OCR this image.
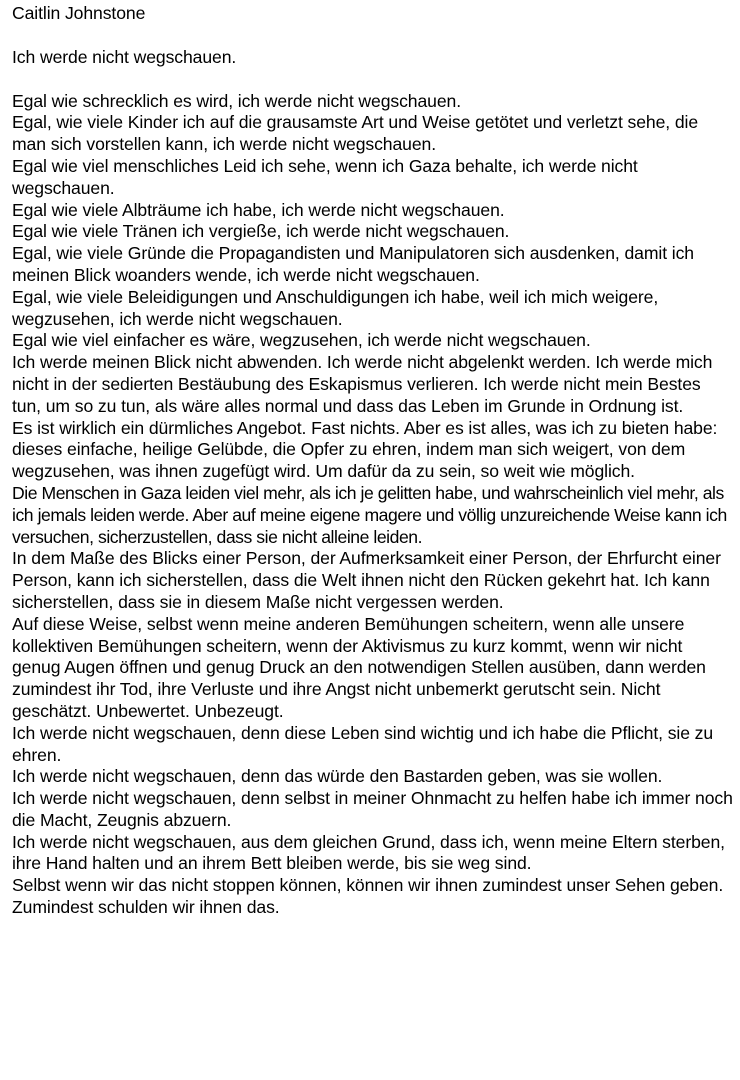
Caitlin Johnstone

Ich werde nicht wegschauen.

Egal wie schrecklich es wird, ich werde nicht wegschauen.

Egal, wie viele Kinder ich auf die grausamste Art und Weise getötet und verletzt sehe, die man sich vorstellen kann, ich werde nicht wegschauen.

Egal wie viel menschliches Leid ich sehe, wenn ich Gaza behalte, ich werde nicht wegschauen.

Egal wie viele Albträume ich habe, ich werde nicht wegschauen.

Egal wie viele Tränen ich vergieße, ich werde nicht wegschauen.

Egal, wie viele Gründe die Propagandisten und Manipulatoren sich ausdenken, damit ich meinen Blick woanders wende, ich werde nicht wegschauen.

Egal, wie viele Beleidigungen und Anschuldigungen ich habe, weil ich mich weigere, wegzusehen, ich werde nicht wegschauen.

Egal wie viel einfacher es wäre, wegzusehen, ich werde nicht wegschauen.

Ich werde meinen Blick nicht abwenden. Ich werde nicht abgelenkt werden. Ich werde mich nicht in der sedierten Bestäubung des Eskapismus verlieren. Ich werde nicht mein Bestes tun, um so zu tun, als wäre alles normal und dass das Leben im Grunde in Ordnung ist.

Es ist wirklich ein dürmliches Angebot. Fast nichts. Aber es ist alles, was ich zu bieten habe: dieses einfache, heilige Gelübde, die Opfer zu ehren, indem man sich weigert, von dem wegzusehen, was ihnen zugefügt wird. Um dafür da zu sein, so weit wie möglich.

Die Menschen in Gaza leiden viel mehr, als ich je gelitten habe, und wahrscheinlich viel mehr, als ich jemals leiden werde. Aber auf meine eigene magere und völlig unzureichende Weise kann ich versuchen, sicherzustellen, dass sie nicht alleine leiden.

In dem Maße des Blicks einer Person, der Aufmerksamkeit einer Person, der Ehrfurcht einer Person, kann ich sicherstellen, dass die Welt ihnen nicht den Rücken gekehrt hat. Ich kann sicherstellen, dass sie in diesem Maße nicht vergessen werden.

Auf diese Weise, selbst wenn meine anderen Bemühungen scheitern, wenn alle unsere kollektiven Bemühungen scheitern, wenn der Aktivismus zu kurz kommt, wenn wir nicht genug Augen öffnen und genug Druck an den notwendigen Stellen ausüben, dann werden zumindest ihr Tod, ihre Verluste und ihre Angst nicht unbemerkt gerutscht sein. Nicht geschätzt. Unbewertet. Unbezeugt.

Ich werde nicht wegschauen, denn diese Leben sind wichtig und ich habe die Pflicht, sie zu ehren.

Ich werde nicht wegschauen, denn das würde den Bastarden geben, was sie wollen.

Ich werde nicht wegschauen, denn selbst in meiner Ohnmacht zu helfen habe ich immer noch die Macht, Zeugnis abzuern.

Ich werde nicht wegschauen, aus dem gleichen Grund, dass ich, wenn meine Eltern sterben, ihre Hand halten und an ihrem Bett bleiben werde, bis sie weg sind.

Selbst wenn wir das nicht stoppen können, können wir ihnen zumindest unser Sehen geben.

Zumindest schulden wir ihnen das.
